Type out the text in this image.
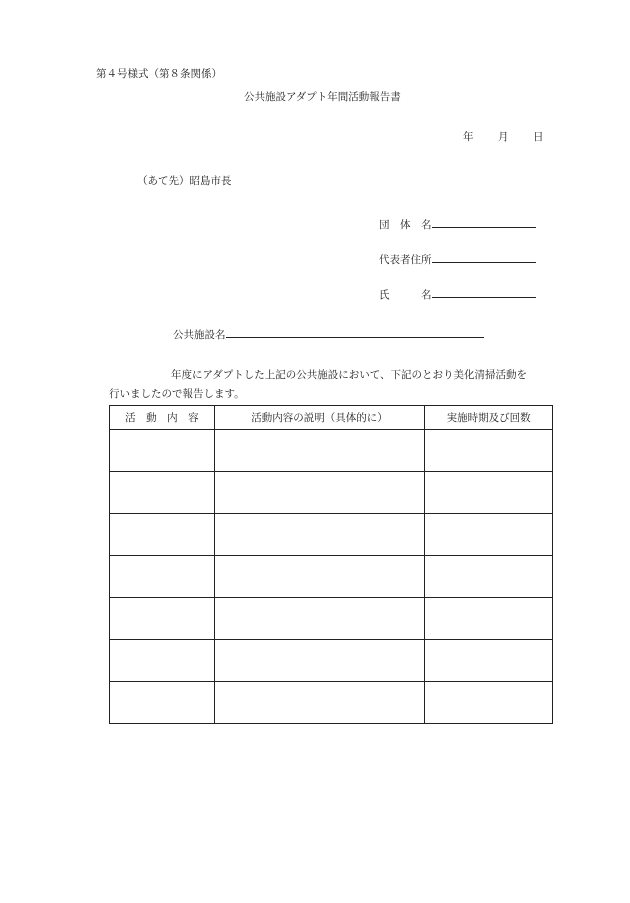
第４号様式（第８条関係）
公共施設アダプト年間活動報告書
年 月 日
（あて先）昭島市長
団　体　名
代表者住所
氏　　　名
公共施設名
年度にアダプトした上記の公共施設において、下記のとおり美化清掃活動を
行いましたので報告します。
活　動　内　容	活動内容の説明（具体的に）	実施時期及び回数
